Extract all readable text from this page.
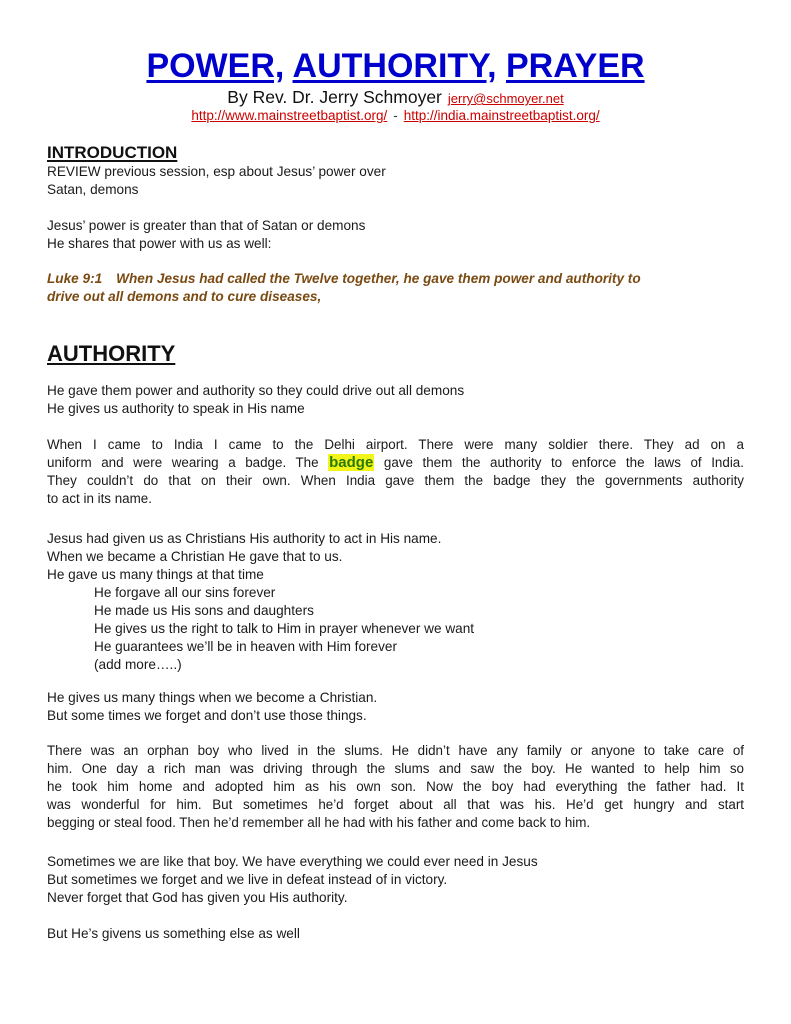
POWER, AUTHORITY, PRAYER
By Rev. Dr. Jerry Schmoyer jerry@schmoyer.net
http://www.mainstreetbaptist.org/ - http://india.mainstreetbaptist.org/
INTRODUCTION
REVIEW previous session, esp about Jesus’ power over
Satan, demons
Jesus’ power is greater than that of Satan or demons
He shares that power with us as well:
Luke 9:1 When Jesus had called the Twelve together, he gave them power and authority to
drive out all demons and to cure diseases,
AUTHORITY
He gave them power and authority so they could drive out all demons
He gives us authority to speak in His name
When I came to India I came to the Delhi airport. There were many soldier there. They ad on a
uniform and were wearing a badge. The badge gave them the authority to enforce the laws of India.
They couldn’t do that on their own. When India gave them the badge they the governments authority
to act in its name.
Jesus had given us as Christians His authority to act in His name.
When we became a Christian He gave that to us.
He gave us many things at that time
He forgave all our sins forever
He made us His sons and daughters
He gives us the right to talk to Him in prayer whenever we want
He guarantees we’ll be in heaven with Him forever
(add more…..)
He gives us many things when we become a Christian.
But some times we forget and don’t use those things.
There was an orphan boy who lived in the slums. He didn’t have any family or anyone to take care of
him. One day a rich man was driving through the slums and saw the boy. He wanted to help him so
he took him home and adopted him as his own son. Now the boy had everything the father had. It
was wonderful for him. But sometimes he’d forget about all that was his. He’d get hungry and start
begging or steal food. Then he’d remember all he had with his father and come back to him.
Sometimes we are like that boy. We have everything we could ever need in Jesus
But sometimes we forget and we live in defeat instead of in victory.
Never forget that God has given you His authority.
But He’s givens us something else as well
